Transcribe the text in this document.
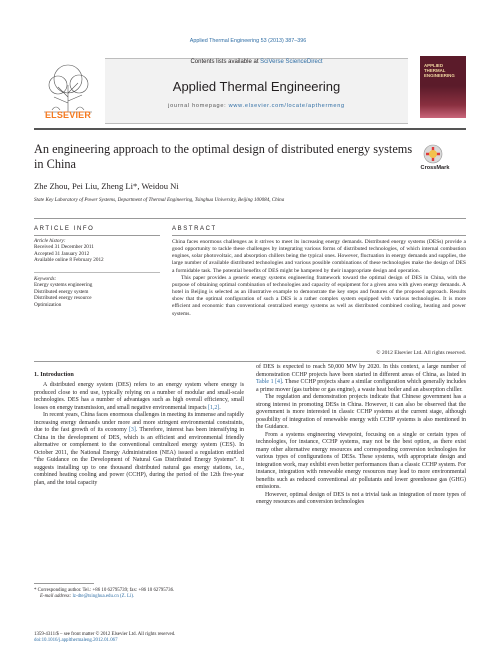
Applied Thermal Engineering 53 (2013) 387–396
ELSEVIER
Contents lists available at SciVerse ScienceDirect
Applied Thermal Engineering
journal homepage: www.elsevier.com/locate/apthermeng
APPLIED THERMAL ENGINEERING
An engineering approach to the optimal design of distributed energy systems in China	CrossMark
Zhe Zhou, Pei Liu, Zheng Li*, Weidou Ni
State Key Laboratory of Power Systems, Department of Thermal Engineering, Tsinghua University, Beijing 100084, China
ARTICLE INFO
Article history:
Received 31 December 2011
Accepted 31 January 2012
Available online 8 February 2012
Keywords:
Energy systems engineering
Distributed energy system
Distributed energy resource
Optimization
ABSTRACT

China faces enormous challenges as it strives to meet its increasing energy demands. Distributed energy systems (DESs) provide a good opportunity to tackle these challenges by integrating various forms of distributed technologies, of which internal combustion engines, solar photovoltaic, and absorption chillers being the typical ones. However, fluctuation in energy demands and supplies, the large number of available distributed technologies and various possible combinations of these technologies make the design of DES a formidable task. The potential benefits of DES might be hampered by their inappropriate design and operation.

This paper provides a generic energy systems engineering framework toward the optimal design of DES in China, with the purpose of obtaining optimal combination of technologies and capacity of equipment for a given area with given energy demands. A hotel in Beijing is selected as an illustrative example to demonstrate the key steps and features of the proposed approach. Results show that the optimal configuration of such a DES is a rather complex system equipped with various technologies. It is more efficient and economic than conventional centralized energy systems as well as distributed combined cooling, heating and power systems.

© 2012 Elsevier Ltd. All rights reserved.
1. Introduction

A distributed energy system (DES) refers to an energy system where energy is produced close to end use, typically relying on a number of modular and small-scale technologies. DES has a number of advantages such as high overall efficiency, small losses on energy transmission, and small negative environmental impacts [1,2].

In recent years, China faces enormous challenges in meeting its immense and rapidly increasing energy demands under more and more stringent environmental constraints, due to the fast growth of its economy [3]. Therefore, interest has been intensifying in China in the development of DES, which is an efficient and environmental friendly alternative or complement to the conventional centralized energy system (CES). In October 2011, the National Energy Administration (NEA) issued a regulation entitled “the Guidance on the Development of Natural Gas Distributed Energy Systems”. It suggests installing up to one thousand distributed natural gas energy stations, i.e., combined heating cooling and power (CCHP), during the period of the 12th five-year plan, and the total capacity

of DES is expected to reach 50,000 MW by 2020. In this context, a large number of demonstration CCHP projects have been started in different areas of China, as listed in Table 1 [4]. These CCHP projects share a similar configuration which generally includes a prime mover (gas turbine or gas engine), a waste heat boiler and an absorption chiller.

The regulation and demonstration projects indicate that Chinese government has a strong interest in promoting DESs in China. However, it can also be observed that the government is more interested in classic CCHP systems at the current stage, although possibility of integration of renewable energy with CCHP systems is also mentioned in the Guidance.

From a systems engineering viewpoint, focusing on a single or certain types of technologies, for instance, CCHP systems, may not be the best option, as there exist many other alternative energy resources and corresponding conversion technologies for various types of configurations of DESs. These systems, with appropriate design and integration work, may exhibit even better performances than a classic CCHP system. For instance, integration with renewable energy resources may lead to more environmental benefits such as reduced conventional air pollutants and lower greenhouse gas (GHG) emissions.

However, optimal design of DES is not a trivial task as integration of more types of energy resources and conversion technologies

* Corresponding author. Tel.: +86 10 62795739; fax: +86 10 62795736.
E-mail address: lz-dte@tsinghua.edu.cn (Z. Li).
1359-4311/$ – see front matter © 2012 Elsevier Ltd. All rights reserved.
doi:10.1016/j.applthermaleng.2012.01.067
